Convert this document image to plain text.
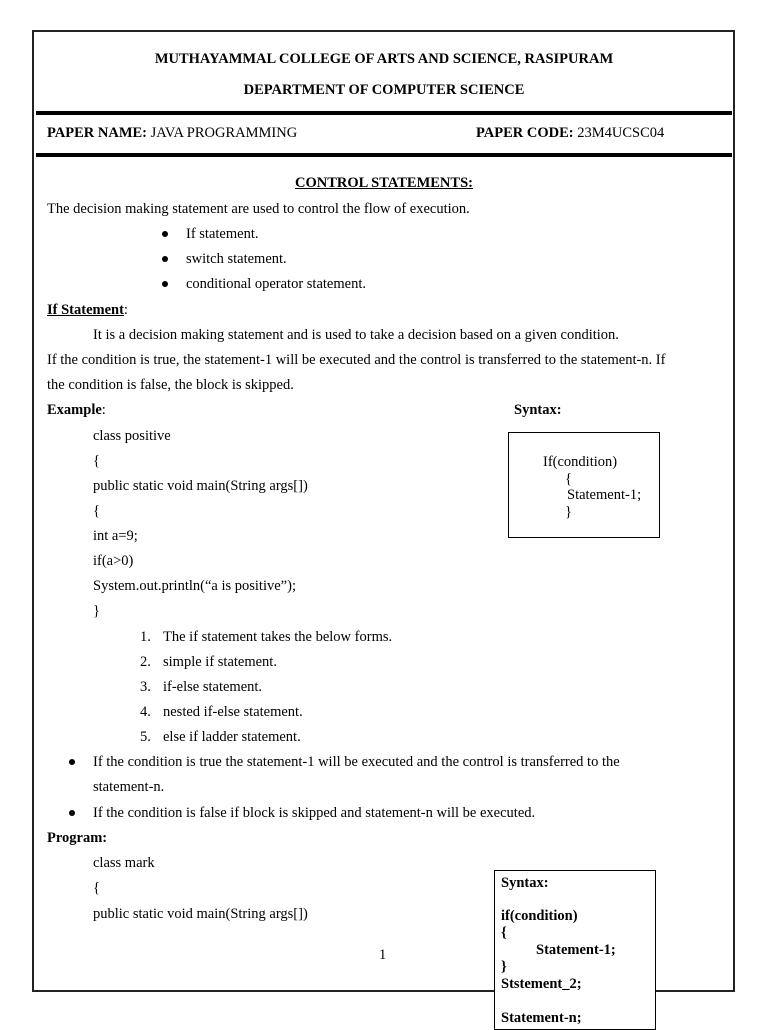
MUTHAYAMMAL COLLEGE OF ARTS AND SCIENCE, RASIPURAM
DEPARTMENT OF COMPUTER SCIENCE
PAPER NAME: JAVA PROGRAMMING	PAPER CODE: 23M4UCSC04
CONTROL STATEMENTS:
The decision making statement are used to control the flow of execution.
If statement.
switch statement.
conditional operator statement.
If Statement:
It is a decision making statement and is used to take a decision based on a given condition.
If the condition is true, the statement-1 will be executed and the control is transferred to the statement-n. If
the condition is false, the block is skipped.
Example:	Syntax:
class positive
{
public static void main(String args[])
{
int a=9;
if(a>0)
System.out.println(“a is positive”);
}
If(condition)
{
Statement-1;
}
1. The if statement takes the below forms.
2. simple if statement.
3. if-else statement.
4. nested if-else statement.
5. else if ladder statement.
If the condition is true the statement-1 will be executed and the control is transferred to the
statement-n.
If the condition is false if block is skipped and statement-n will be executed.
Program:
class mark
{
public static void main(String args[])
1
Syntax:
if(condition)
{
Statement-1;
}
Ststement_2;
Statement-n;
